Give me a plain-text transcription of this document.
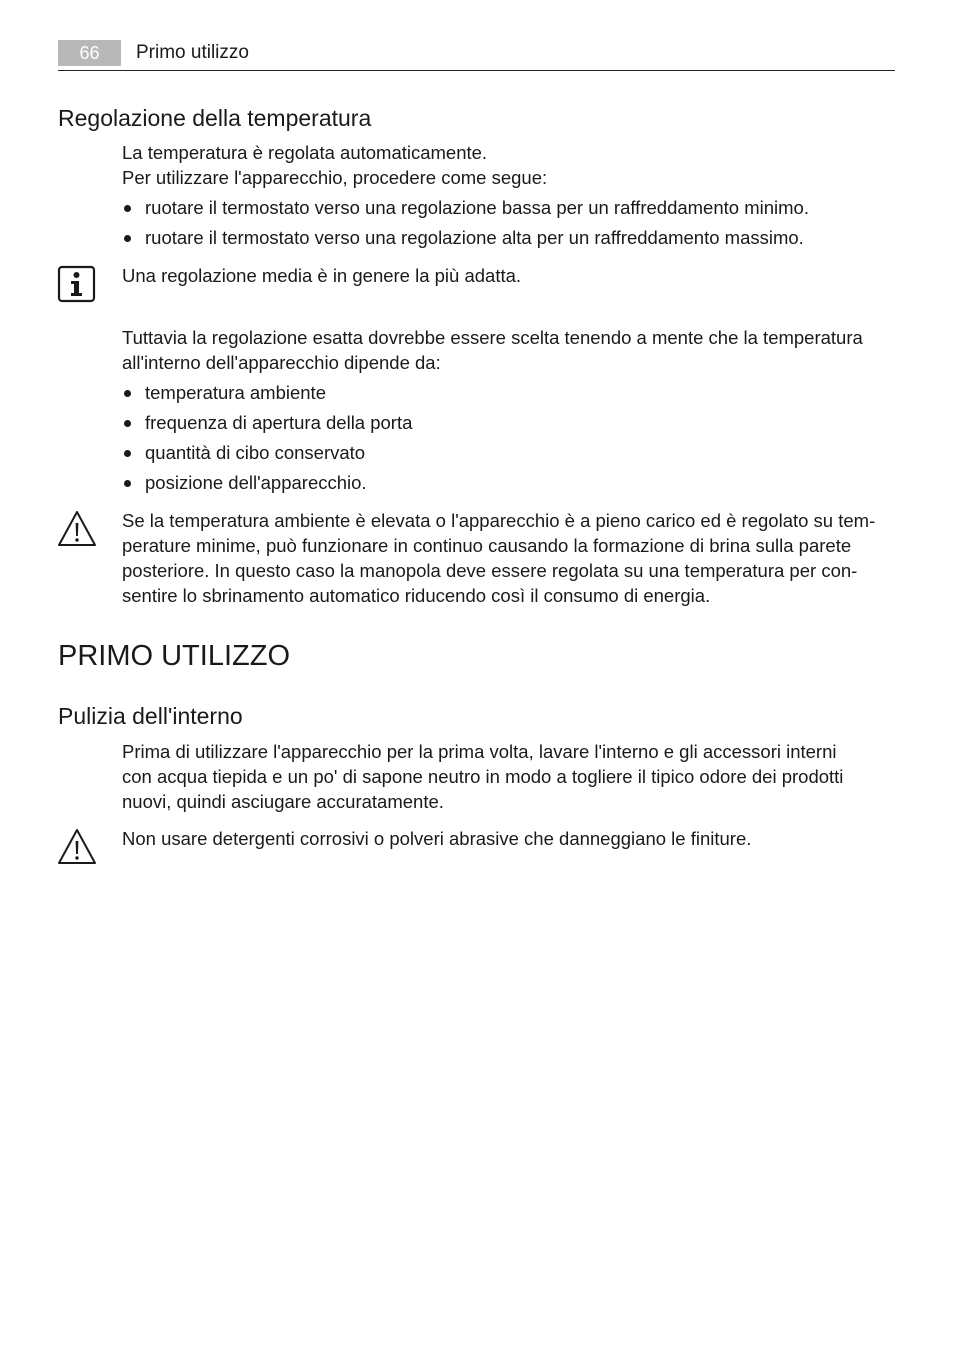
66	Primo utilizzo
Regolazione della temperatura

La temperatura è regolata automaticamente.
Per utilizzare l'apparecchio, procedere come segue:

ruotare il termostato verso una regolazione bassa per un raffreddamento minimo.
ruotare il termostato verso una regolazione alta per un raffreddamento massimo.

Una regolazione media è in genere la più adatta.

Tuttavia la regolazione esatta dovrebbe essere scelta tenendo a mente che la temperatura
all'interno dell'apparecchio dipende da:

temperatura ambiente
frequenza di apertura della porta
quantità di cibo conservato
posizione dell'apparecchio.

Se la temperatura ambiente è elevata o l'apparecchio è a pieno carico ed è regolato su tem-
perature minime, può funzionare in continuo causando la formazione di brina sulla parete
posteriore. In questo caso la manopola deve essere regolata su una temperatura per con-
sentire lo sbrinamento automatico riducendo così il consumo di energia.

PRIMO UTILIZZO
Pulizia dell'interno

Prima di utilizzare l'apparecchio per la prima volta, lavare l'interno e gli accessori interni
con acqua tiepida e un po' di sapone neutro in modo a togliere il tipico odore dei prodotti
nuovi, quindi asciugare accuratamente.

Non usare detergenti corrosivi o polveri abrasive che danneggiano le finiture.
